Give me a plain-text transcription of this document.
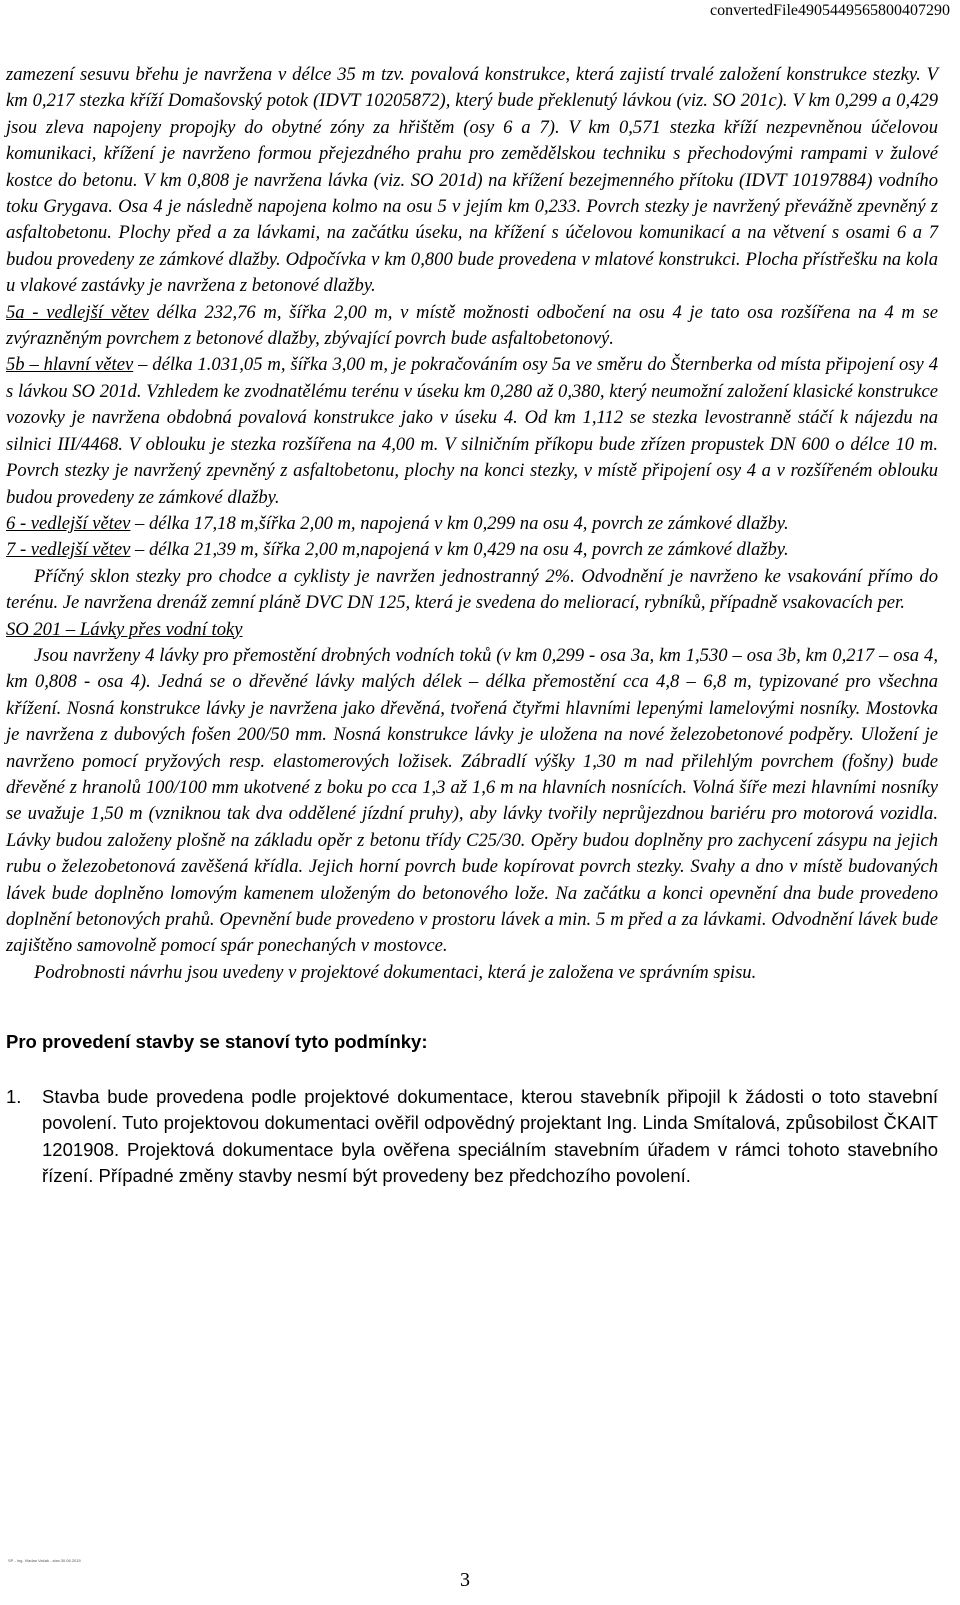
convertedFile4905449565800407290

zamezení sesuvu břehu je navržena v délce 35 m tzv. povalová konstrukce, která zajistí trvalé založení konstrukce stezky. V km 0,217 stezka kříží Domašovský potok (IDVT 10205872), který bude překlenutý lávkou (viz. SO 201c). V km 0,299 a 0,429 jsou zleva napojeny propojky do obytné zóny za hřištěm (osy 6 a 7). V km 0,571 stezka kříží nezpevněnou účelovou komunikaci, křížení je navrženo formou přejezdného prahu pro zemědělskou techniku s přechodovými rampami v žulové kostce do betonu. V km 0,808 je navržena lávka (viz. SO 201d) na křížení bezejmenného přítoku (IDVT 10197884) vodního toku Grygava. Osa 4 je následně napojena kolmo na osu 5 v jejím km 0,233. Povrch stezky je navržený převážně zpevněný z asfaltobetonu. Plochy před a za lávkami, na začátku úseku, na křížení s účelovou komunikací a na větvení s osami 6 a 7 budou provedeny ze zámkové dlažby. Odpočívka v km 0,800 bude provedena v mlatové konstrukci. Plocha přístřešku na kola u vlakové zastávky je navržena z betonové dlažby.

5a - vedlejší větev délka 232,76 m, šířka 2,00 m, v místě možnosti odbočení na osu 4 je tato osa rozšířena na 4 m se zvýrazněným povrchem z betonové dlažby, zbývající povrch bude asfaltobetonový.

5b – hlavní větev – délka 1.031,05 m, šířka 3,00 m, je pokračováním osy 5a ve směru do Šternberka od místa připojení osy 4 s lávkou SO 201d. Vzhledem ke zvodnatělému terénu v úseku km 0,280 až 0,380, který neumožní založení klasické konstrukce vozovky je navržena obdobná povalová konstrukce jako v úseku 4. Od km 1,112 se stezka levostranně stáčí k nájezdu na silnici III/4468. V oblouku je stezka rozšířena na 4,00 m. V silničním příkopu bude zřízen propustek DN 600 o délce 10 m. Povrch stezky je navržený zpevněný z asfaltobetonu, plochy na konci stezky, v místě připojení osy 4 a v rozšířeném oblouku budou provedeny ze zámkové dlažby.

6 - vedlejší větev – délka 17,18 m,šířka 2,00 m, napojená v km 0,299 na osu 4, povrch ze zámkové dlažby.

7 - vedlejší větev – délka 21,39 m, šířka 2,00 m,napojená v km 0,429 na osu 4, povrch ze zámkové dlažby.

Příčný sklon stezky pro chodce a cyklisty je navržen jednostranný 2%. Odvodnění je navrženo ke vsakování přímo do terénu. Je navržena drenáž zemní pláně DVC DN 125, která je svedena do meliorací, rybníků, případně vsakovacích per.

SO 201 – Lávky přes vodní toky

Jsou navrženy 4 lávky pro přemostění drobných vodních toků (v km 0,299 - osa 3a, km 1,530 – osa 3b, km 0,217 – osa 4, km 0,808 - osa 4). Jedná se o dřevěné lávky malých délek – délka přemostění cca 4,8 – 6,8 m, typizované pro všechna křížení. Nosná konstrukce lávky je navržena jako dřevěná, tvořená čtyřmi hlavními lepenými lamelovými nosníky. Mostovka je navržena z dubových fošen 200/50 mm. Nosná konstrukce lávky je uložena na nové železobetonové podpěry. Uložení je navrženo pomocí pryžových resp. elastomerových ložisek. Zábradlí výšky 1,30 m nad přilehlým povrchem (fošny) bude dřevěné z hranolů 100/100 mm ukotvené z boku po cca 1,3 až 1,6 m na hlavních nosnících. Volná šíře mezi hlavními nosníky se uvažuje 1,50 m (vzniknou tak dva oddělené jízdní pruhy), aby lávky tvořily neprůjezdnou bariéru pro motorová vozidla. Lávky budou založeny plošně na základu opěr z betonu třídy C25/30. Opěry budou doplněny pro zachycení zásypu na jejich rubu o železobetonová zavěšená křídla. Jejich horní povrch bude kopírovat povrch stezky. Svahy a dno v místě budovaných lávek bude doplněno lomovým kamenem uloženým do betonového lože. Na začátku a konci opevnění dna bude provedeno doplnění betonových prahů. Opevnění bude provedeno v prostoru lávek a min. 5 m před a za lávkami. Odvodnění lávek bude zajištěno samovolně pomocí spár ponechaných v mostovce.

Podrobnosti návrhu jsou uvedeny v projektové dokumentaci, která je založena ve správním spisu.

Pro provedení stavby se stanoví tyto podmínky:

1.	Stavba bude provedena podle projektové dokumentace, kterou stavebník připojil k žádosti o toto stavební povolení. Tuto projektovou dokumentaci ověřil odpovědný projektant Ing. Linda Smítalová, způsobilost ČKAIT 1201908. Projektová dokumentace byla ověřena speciálním stavebním úřadem v rámci tohoto stavebního řízení. Případné změny stavby nesmí být provedeny bez předchozího povolení.
SP - Ing. Vladan Vačák - stav.30.06.2015
3
